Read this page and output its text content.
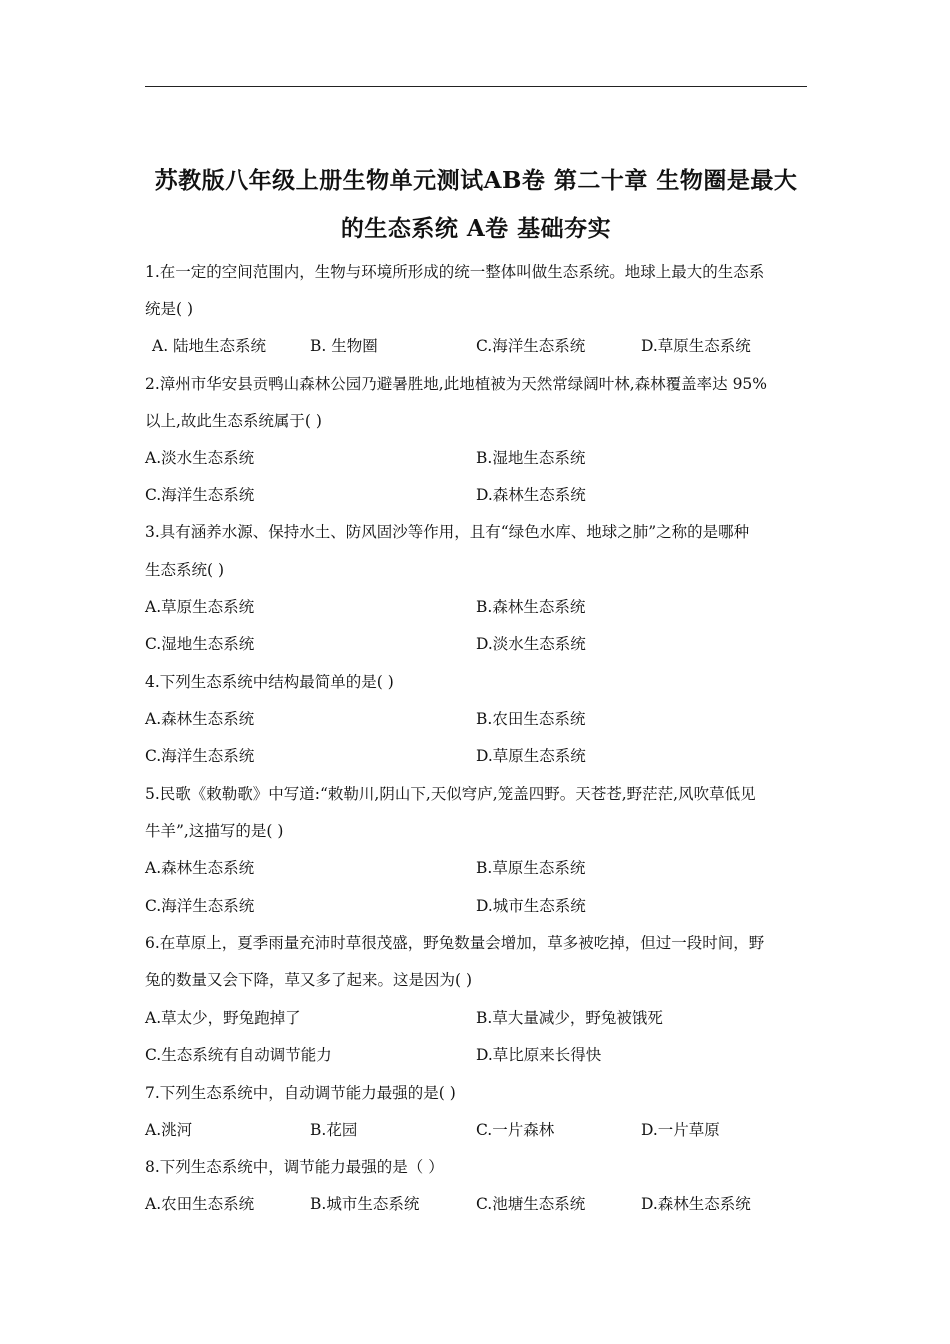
苏教版八年级上册生物单元测试AB卷 第二十章 生物圈是最大
的生态系统 A卷 基础夯实
1.在一定的空间范围内，生物与环境所形成的统一整体叫做生态系统。地球上最大的生态系
统是( )
A. 陆地生态系统	B. 生物圈	C.海洋生态系统	D.草原生态系统
2.漳州市华安县贡鸭山森林公园乃避暑胜地,此地植被为天然常绿阔叶林,森林覆盖率达 95%
以上,故此生态系统属于( )
A.淡水生态系统	B.湿地生态系统
C.海洋生态系统	D.森林生态系统
3.具有涵养水源、保持水土、防风固沙等作用，且有“绿色水库、地球之肺”之称的是哪种
生态系统( )
A.草原生态系统	B.森林生态系统
C.湿地生态系统	D.淡水生态系统
4.下列生态系统中结构最简单的是( )
A.森林生态系统	B.农田生态系统
C.海洋生态系统	D.草原生态系统
5.民歌《敕勒歌》中写道:“敕勒川,阴山下,天似穹庐,笼盖四野。天苍苍,野茫茫,风吹草低见
牛羊”,这描写的是( )
A.森林生态系统	B.草原生态系统
C.海洋生态系统	D.城市生态系统
6.在草原上，夏季雨量充沛时草很茂盛，野兔数量会增加，草多被吃掉，但过一段时间，野
兔的数量又会下降，草又多了起来。这是因为( )
A.草太少，野兔跑掉了	B.草大量减少，野兔被饿死
C.生态系统有自动调节能力	D.草比原来长得快
7.下列生态系统中，自动调节能力最强的是( )
A.洮河	B.花园	C.一片森林	D.一片草原
8.下列生态系统中，调节能力最强的是（ ）
A.农田生态系统	B.城市生态系统	C.池塘生态系统	D.森林生态系统
